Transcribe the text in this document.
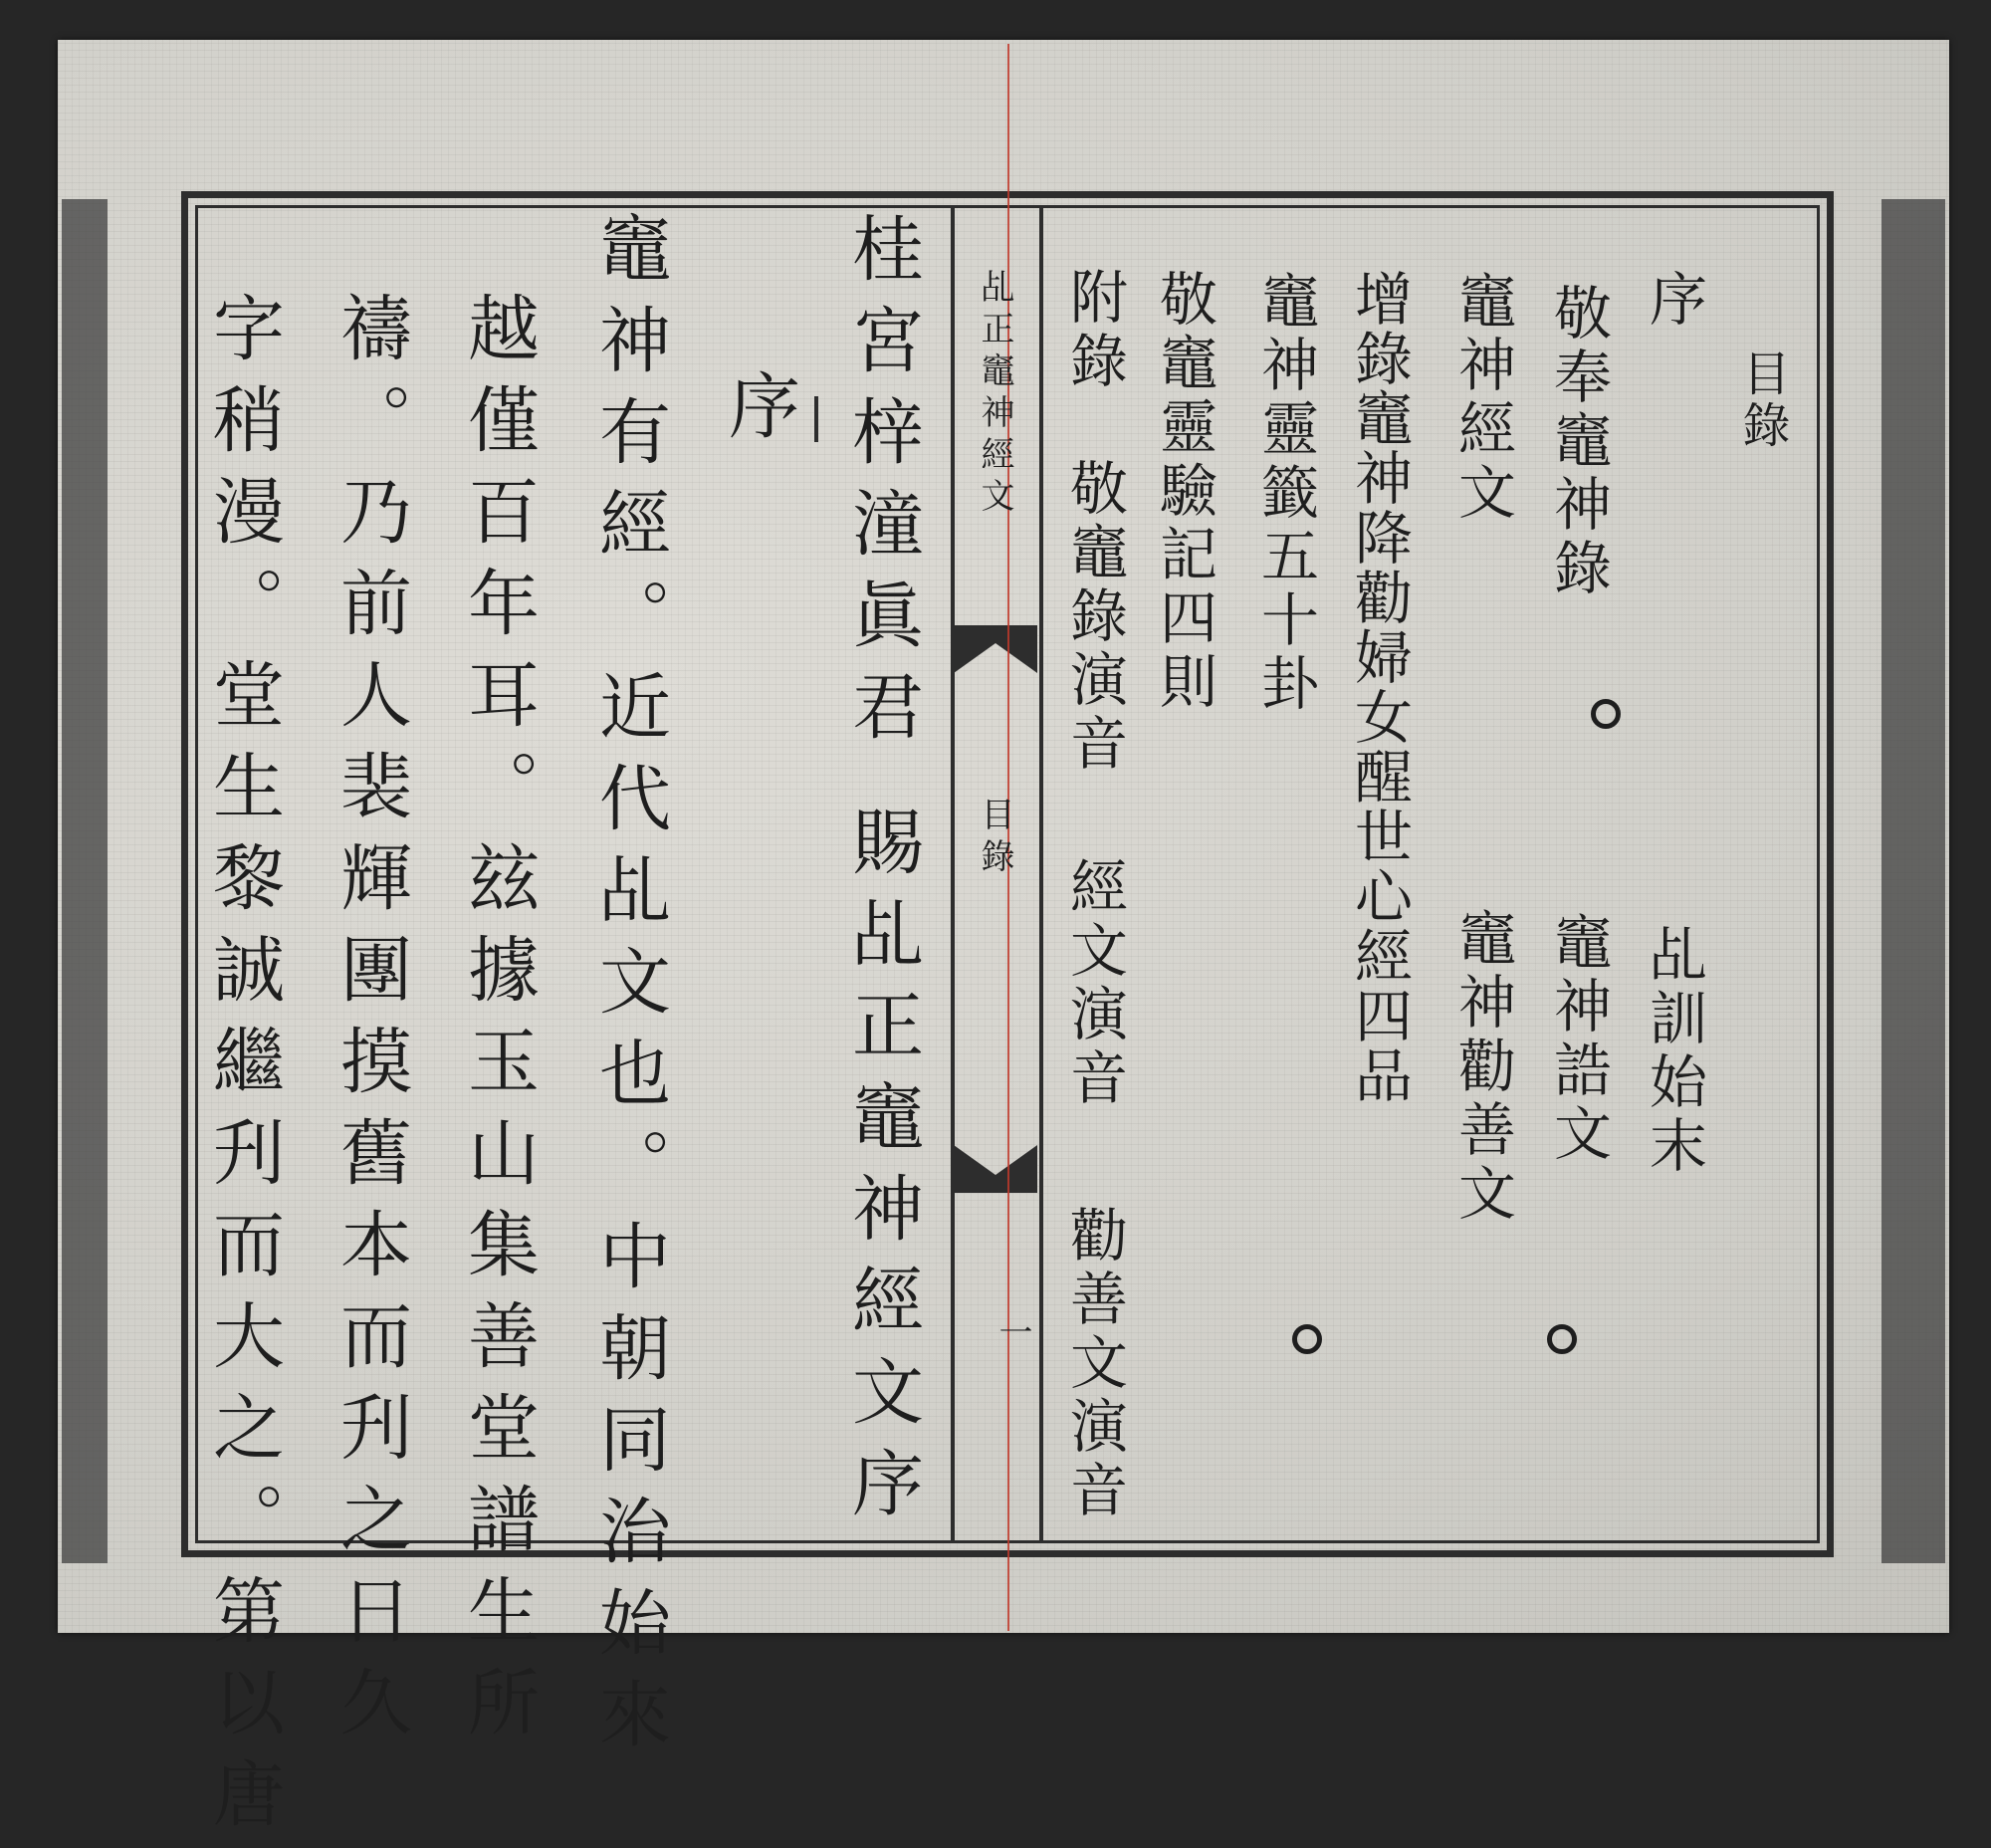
乩正竈神經文
目錄
一
桂宮梓潼眞君
賜乩正竈神經文序
序
竈神有經。近代乩文也。中朝同治始來
越僅百年耳。玆據玉山集善堂譜生所
禱。乃前人裴輝團摸舊本而刋之日久
字稍漫。堂生黎誠繼刋而大之。第以唐	目錄
序
乩訓始末
敬奉竈神錄
竈神誥文
竈神經文
竈神勸善文
增錄竈神降勸婦女醒世心經四品
竈神靈籤五十卦
敬竈靈驗記四則
附錄　敬竈錄演音
經文演音
勸善文演音
